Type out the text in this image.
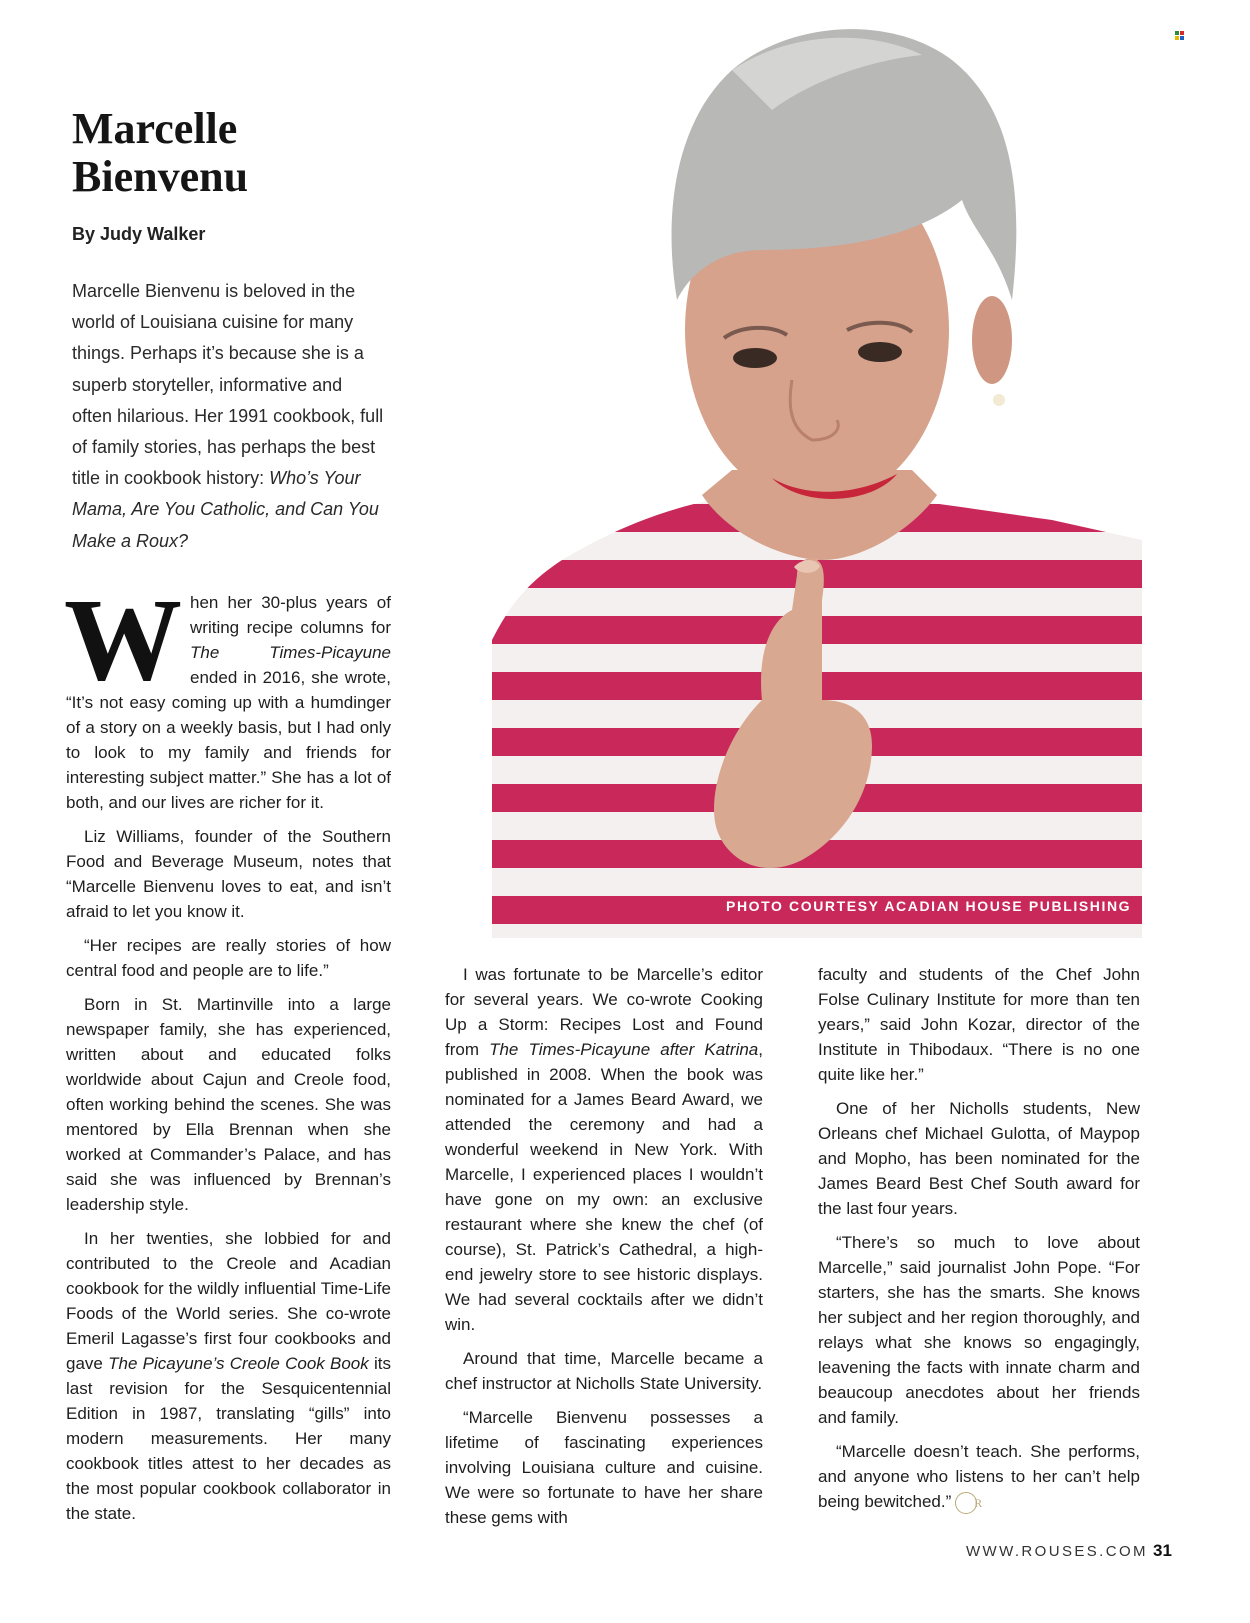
Marcelle
Bienvenu
By Judy Walker

Marcelle Bienvenu is beloved in the world of Louisiana cuisine for many things. Perhaps it’s because she is a superb storyteller, informative and often hilarious. Her 1991 cookbook, full of family stories, has perhaps the best title in cookbook history: Who’s Your Mama, Are You Catholic, and Can You Make a Roux?

PHOTO COURTESY ACADIAN HOUSE PUBLISHING

When her 30-plus years of writing recipe columns for The Times-Picayune ended in 2016, she wrote, “It’s not easy coming up with a humdinger of a story on a weekly basis, but I had only to look to my family and friends for interesting subject matter.” She has a lot of both, and our lives are richer for it.

Liz Williams, founder of the Southern Food and Beverage Museum, notes that “Marcelle Bienvenu loves to eat, and isn’t afraid to let you know it.

“Her recipes are really stories of how central food and people are to life.”

Born in St. Martinville into a large newspaper family, she has experienced, written about and educated folks worldwide about Cajun and Creole food, often working behind the scenes. She was mentored by Ella Brennan when she worked at Commander’s Palace, and has said she was influenced by Brennan’s leadership style.

In her twenties, she lobbied for and contributed to the Creole and Acadian cookbook for the wildly influential Time-Life Foods of the World series. She co-wrote Emeril Lagasse’s first four cookbooks and gave The Picayune’s Creole Cook Book its last revision for the Sesquicentennial Edition in 1987, translating “gills” into modern measurements. Her many cookbook titles attest to her decades as the most popular cookbook collaborator in the state.

I was fortunate to be Marcelle’s editor for several years. We co-wrote Cooking Up a Storm: Recipes Lost and Found from The Times-Picayune after Katrina, published in 2008. When the book was nominated for a James Beard Award, we attended the ceremony and had a wonderful weekend in New York. With Marcelle, I experienced places I wouldn’t have gone on my own: an exclusive restaurant where she knew the chef (of course), St. Patrick’s Cathedral, a high-end jewelry store to see historic displays. We had several cocktails after we didn’t win.

Around that time, Marcelle became a chef instructor at Nicholls State University.

“Marcelle Bienvenu possesses a lifetime of fascinating experiences involving Louisiana culture and cuisine. We were so fortunate to have her share these gems with

faculty and students of the Chef John Folse Culinary Institute for more than ten years,” said John Kozar, director of the Institute in Thibodaux. “There is no one quite like her.”

One of her Nicholls students, New Orleans chef Michael Gulotta, of Maypop and Mopho, has been nominated for the James Beard Best Chef South award for the last four years.

“There’s so much to love about Marcelle,” said journalist John Pope. “For starters, she has the smarts. She knows her subject and her region thoroughly, and relays what she knows so engagingly, leavening the facts with innate charm and beaucoup anecdotes about her friends and family.

“Marcelle doesn’t teach. She performs, and anyone who listens to her can’t help being bewitched.” R

WWW.ROUSES.COM 31
